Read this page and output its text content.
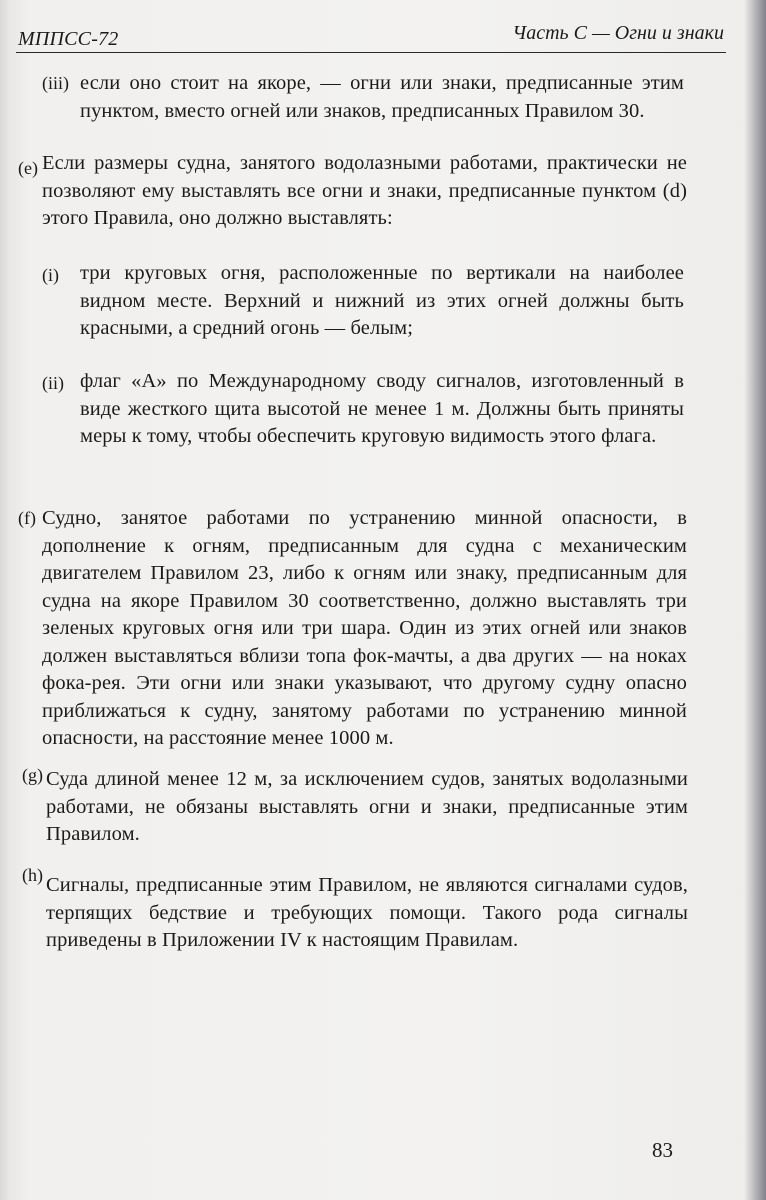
МППСС-72	Часть С — Огни и знаки
(iii) если оно стоит на якоре, — огни или знаки, предписанные этим пунктом, вместо огней или знаков, предписанных Правилом 30.
(e) Если размеры судна, занятого водолазными работами, практически не позволяют ему выставлять все огни и знаки, предписанные пунктом (d) этого Правила, оно должно выставлять:
(i) три круговых огня, расположенные по вертикали на наиболее видном месте. Верхний и нижний из этих огней должны быть красными, а средний огонь — белым;
(ii) флаг «А» по Международному своду сигналов, изготовленный в виде жесткого щита высотой не менее 1 м. Должны быть приняты меры к тому, чтобы обеспечить круговую видимость этого флага.
(f) Судно, занятое работами по устранению минной опасности, в дополнение к огням, предписанным для судна с механическим двигателем Правилом 23, либо к огням или знаку, предписанным для судна на якоре Правилом 30 соответственно, должно выставлять три зеленых круговых огня или три шара. Один из этих огней или знаков должен выставляться вблизи топа фок-мачты, а два других — на ноках фока-рея. Эти огни или знаки указывают, что другому судну опасно приближаться к судну, занятому работами по устранению минной опасности, на расстояние менее 1000 м.
(g) Суда длиной менее 12 м, за исключением судов, занятых водолазными работами, не обязаны выставлять огни и знаки, предписанные этим Правилом.
(h) Сигналы, предписанные этим Правилом, не являются сигналами судов, терпящих бедствие и требующих помощи. Такого рода сигналы приведены в Приложении IV к настоящим Правилам.
83
